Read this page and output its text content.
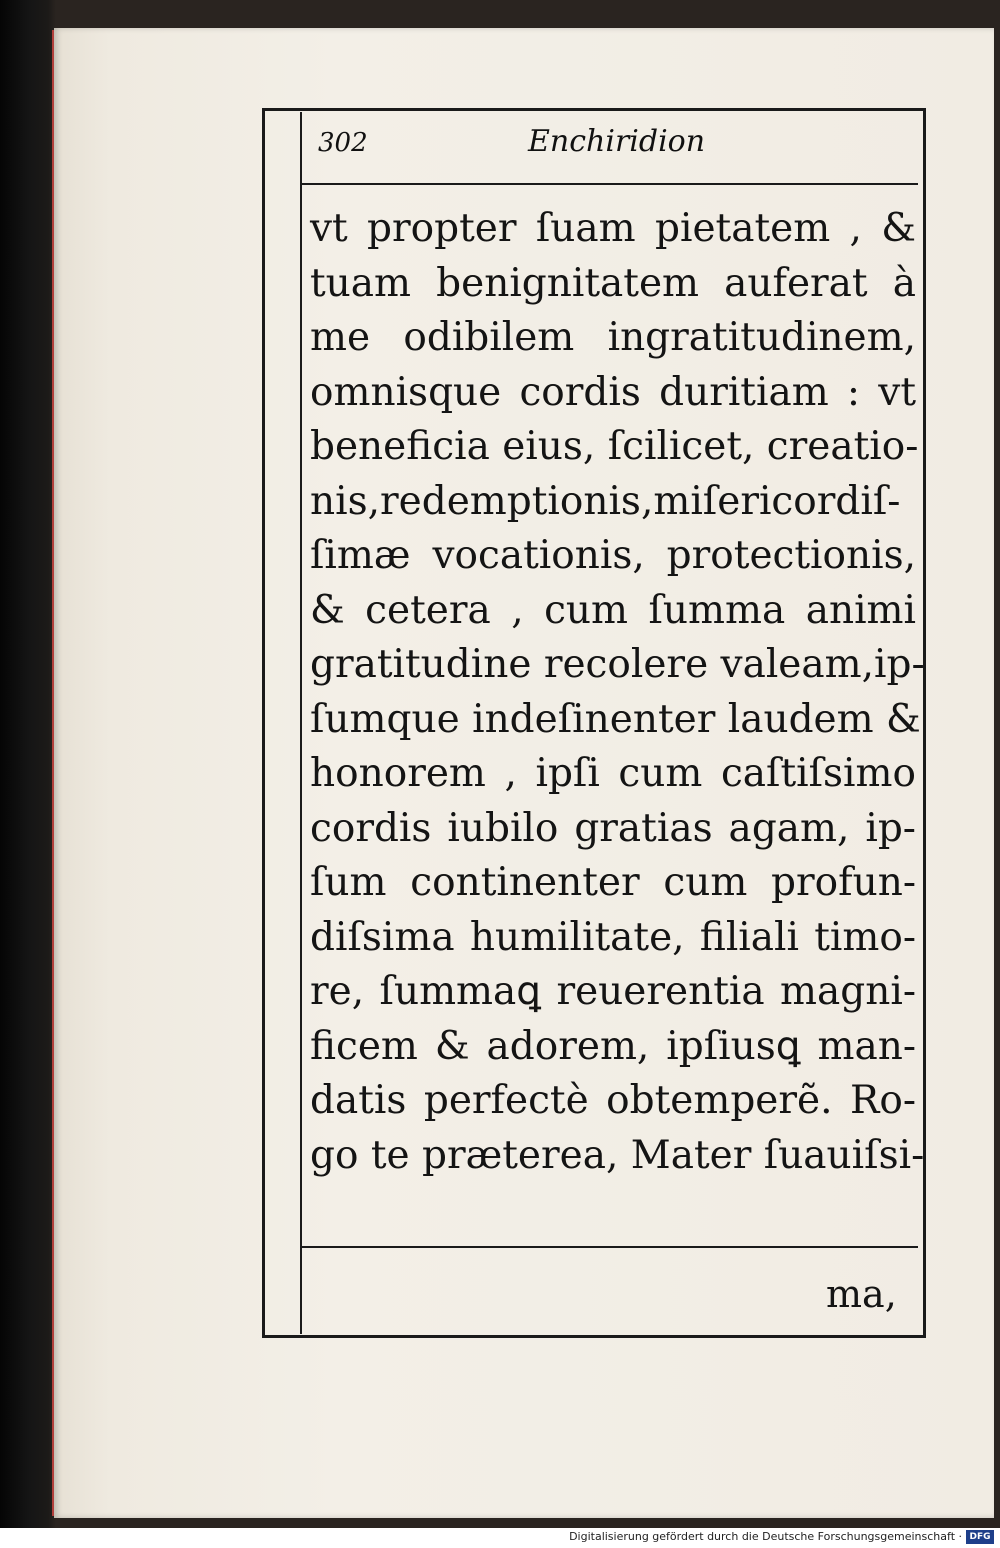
302	Enchiridion
vt propter ſuam pietatem , &
tuam benignitatem auferat à
me odibilem ingratitudinem,
omnisque cordis duritiam : vt
beneficia eius, ſcilicet, creatio-
nis,redemptionis,miſericordiſ-
ſimæ vocationis, protectionis,
& cetera , cum ſumma animi
gratitudine recolere valeam,ip-
ſumque indeſinenter laudem &
honorem , ipſi cum caſtiſsimo
cordis iubilo gratias agam, ip-
ſum continenter cum profun-
diſsima humilitate, filiali timo-
re, ſummaꝗ reuerentia magni-
ficem & adorem, ipſiusꝗ man-
datis perfectè obtemperẽ. Ro-
go te præterea, Mater ſuauiſsi-
ma,
Digitalisierung gefördert durch die Deutsche Forschungsgemeinschaft · DFG
